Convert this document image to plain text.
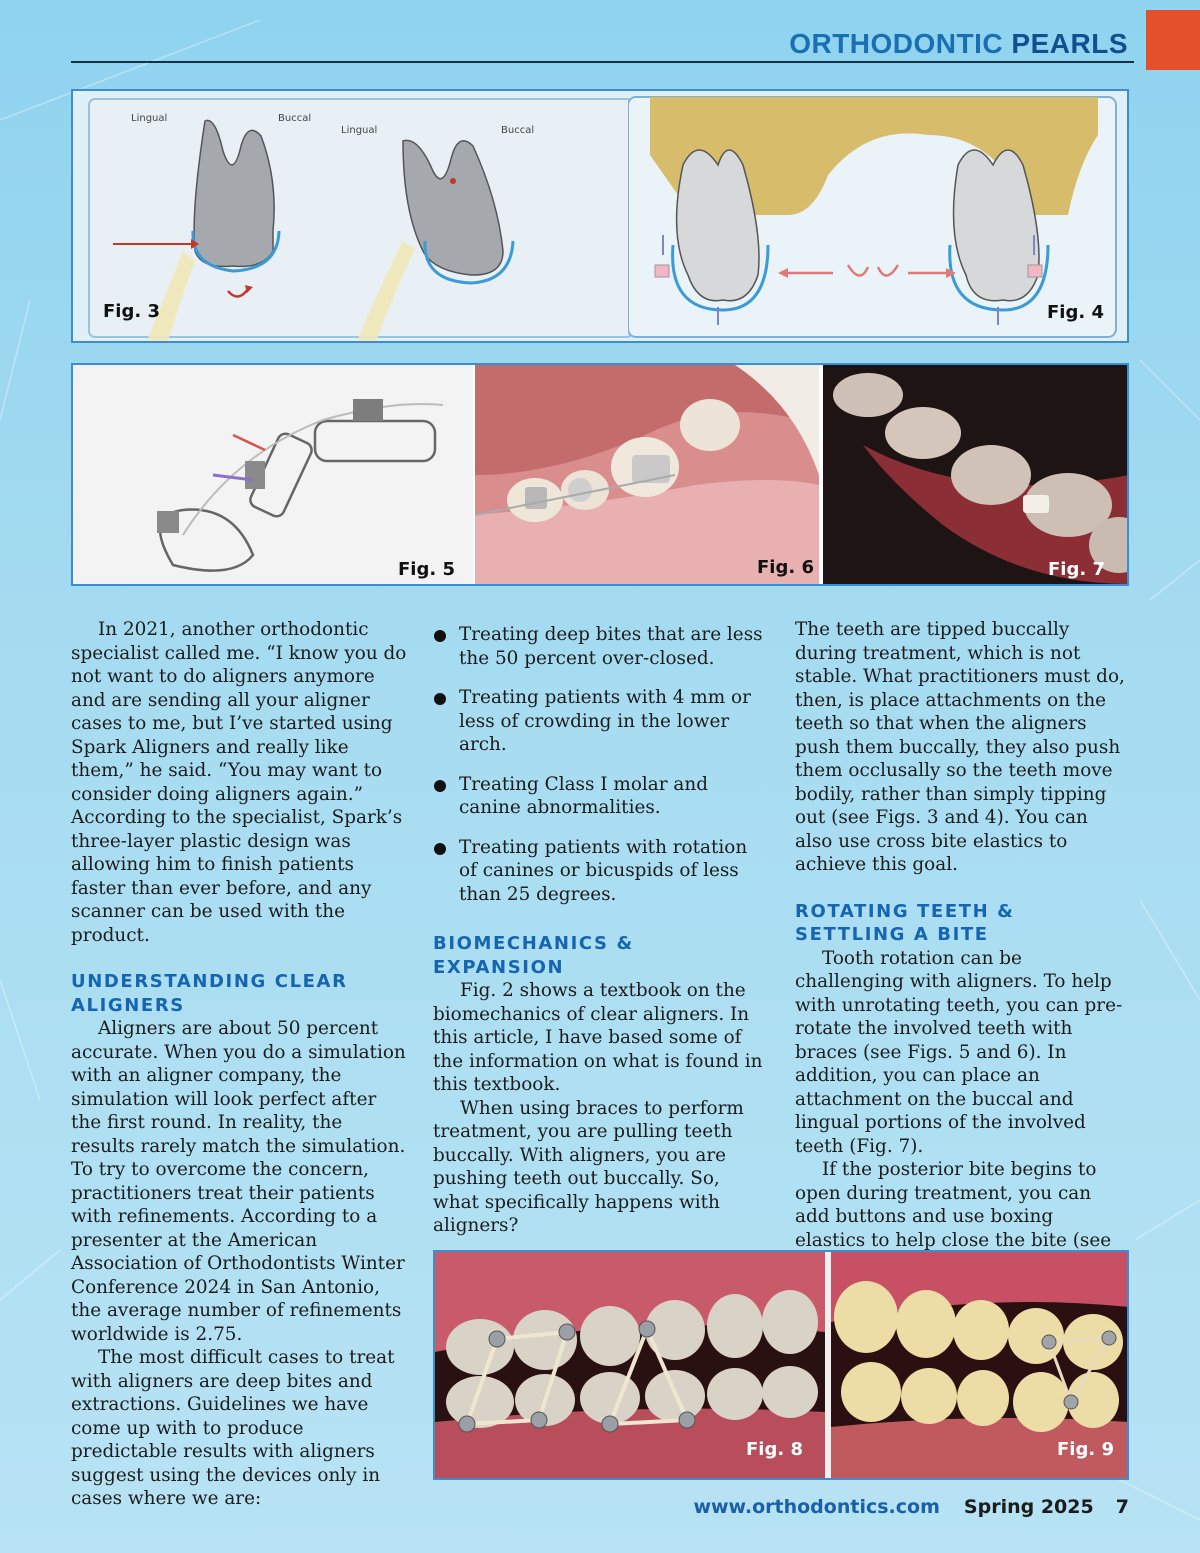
ORTHODONTIC PEARLS
Lingual	Buccal
Lingual	Buccal
Fig. 3	Fig. 4
Fig. 5	Fig. 6	Fig. 7

In 2021, another orthodontic specialist called me. “I know you do not want to do aligners anymore and are sending all your aligner cases to me, but I’ve started using Spark Aligners and really like them,” he said. “You may want to consider doing aligners again.” According to the specialist, Spark’s three-layer plastic design was allowing him to finish patients faster than ever before, and any scanner can be used with the product.

UNDERSTANDING CLEAR ALIGNERS

Aligners are about 50 percent accurate. When you do a simulation with an aligner company, the simulation will look perfect after the first round. In reality, the results rarely match the simulation. To try to overcome the concern, practitioners treat their patients with refinements. According to a presenter at the American Association of Orthodontists Winter Conference 2024 in San Antonio, the average number of refinements worldwide is 2.75.

The most difficult cases to treat with aligners are deep bites and extractions. Guidelines we have come up with to produce predictable results with aligners suggest using the devices only in cases where we are:

Treating deep bites that are less the 50 percent over-closed.
Treating patients with 4 mm or less of crowding in the lower arch.
Treating Class I molar and canine abnormalities.
Treating patients with rotation of canines or bicuspids of less than 25 degrees.
BIOMECHANICS & EXPANSION

Fig. 2 shows a textbook on the biomechanics of clear aligners. In this article, I have based some of the information on what is found in this textbook.

When using braces to perform treatment, you are pulling teeth buccally. With aligners, you are pushing teeth out buccally. So, what specifically happens with aligners?

The teeth are tipped buccally during treatment, which is not stable. What practitioners must do, then, is place attachments on the teeth so that when the aligners push them buccally, they also push them occlusally so the teeth move bodily, rather than simply tipping out (see Figs. 3 and 4). You can also use cross bite elastics to achieve this goal.

ROTATING TEETH & SETTLING A BITE

Tooth rotation can be challenging with aligners. To help with unrotating teeth, you can pre-rotate the involved teeth with braces (see Figs. 5 and 6). In addition, you can place an attachment on the buccal and lingual portions of the involved teeth (Fig. 7).

If the posterior bite begins to open during treatment, you can add buttons and use boxing elastics to help close the bite (see

Fig. 8	Fig. 9
www.orthodontics.com Spring 2025 7
